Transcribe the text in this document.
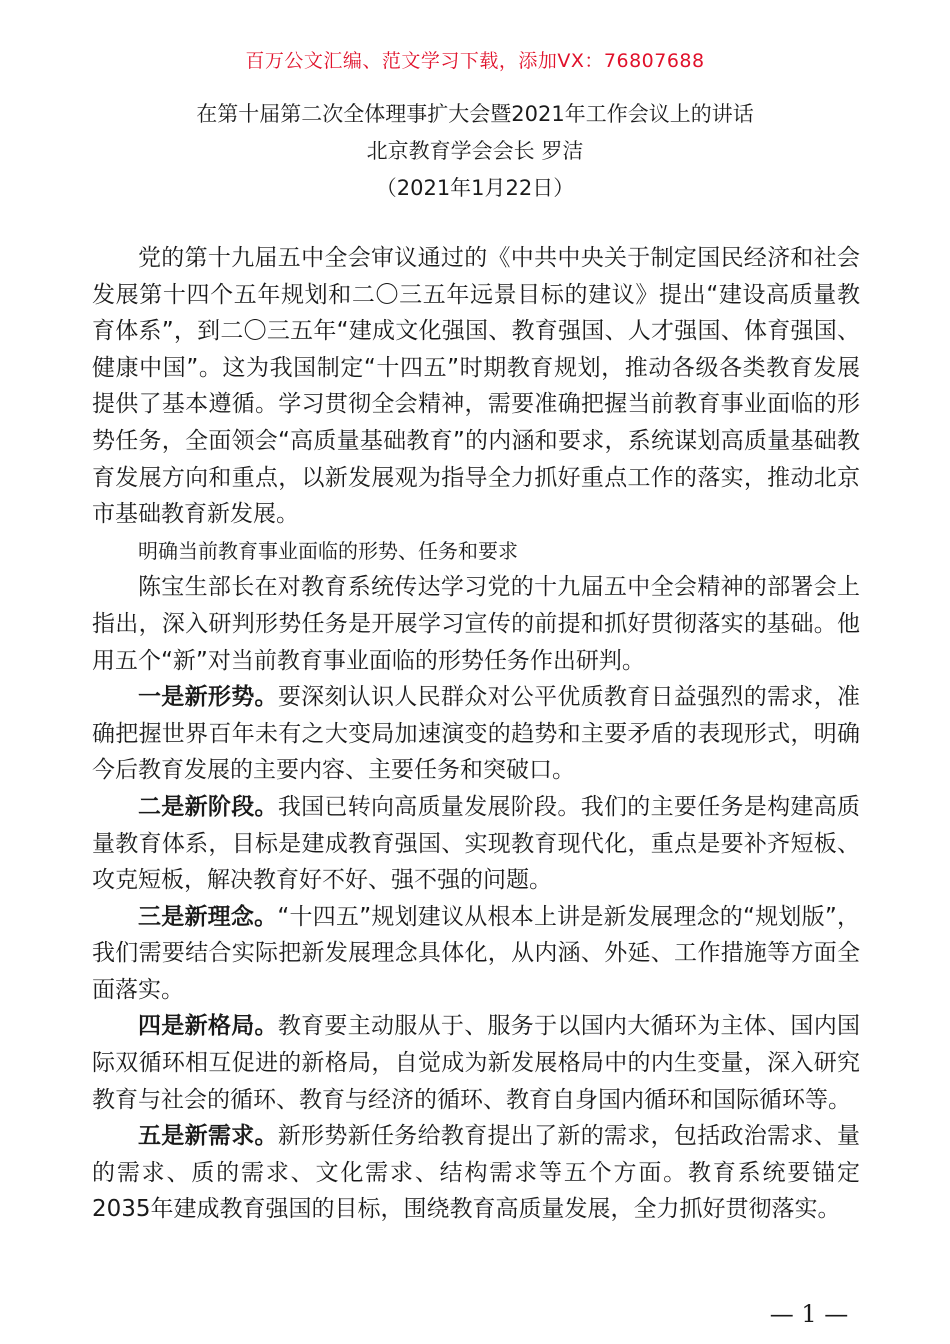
百万公文汇编、范文学习下载，添加VX：76807688
在第十届第二次全体理事扩大会暨2021年工作会议上的讲话
北京教育学会会长 罗洁
（2021年1月22日）

党的第十九届五中全会审议通过的《中共中央关于制定国民经济和社会发展第十四个五年规划和二〇三五年远景目标的建议》提出“建设高质量教育体系”，到二〇三五年“建成文化强国、教育强国、人才强国、体育强国、健康中国”。这为我国制定“十四五”时期教育规划，推动各级各类教育发展提供了基本遵循。学习贯彻全会精神，需要准确把握当前教育事业面临的形势任务，全面领会“高质量基础教育”的内涵和要求，系统谋划高质量基础教育发展方向和重点，以新发展观为指导全力抓好重点工作的落实，推动北京市基础教育新发展。

明确当前教育事业面临的形势、任务和要求

陈宝生部长在对教育系统传达学习党的十九届五中全会精神的部署会上指出，深入研判形势任务是开展学习宣传的前提和抓好贯彻落实的基础。他用五个“新”对当前教育事业面临的形势任务作出研判。

一是新形势。要深刻认识人民群众对公平优质教育日益强烈的需求，准确把握世界百年未有之大变局加速演变的趋势和主要矛盾的表现形式，明确今后教育发展的主要内容、主要任务和突破口。

二是新阶段。我国已转向高质量发展阶段。我们的主要任务是构建高质量教育体系，目标是建成教育强国、实现教育现代化，重点是要补齐短板、攻克短板，解决教育好不好、强不强的问题。

三是新理念。“十四五”规划建议从根本上讲是新发展理念的“规划版”，我们需要结合实际把新发展理念具体化，从内涵、外延、工作措施等方面全面落实。

四是新格局。教育要主动服从于、服务于以国内大循环为主体、国内国际双循环相互促进的新格局，自觉成为新发展格局中的内生变量，深入研究教育与社会的循环、教育与经济的循环、教育自身国内循环和国际循环等。

五是新需求。新形势新任务给教育提出了新的需求，包括政治需求、量的需求、质的需求、文化需求、结构需求等五个方面。教育系统要锚定2035年建成教育强国的目标，围绕教育高质量发展，全力抓好贯彻落实。

— 1 —
